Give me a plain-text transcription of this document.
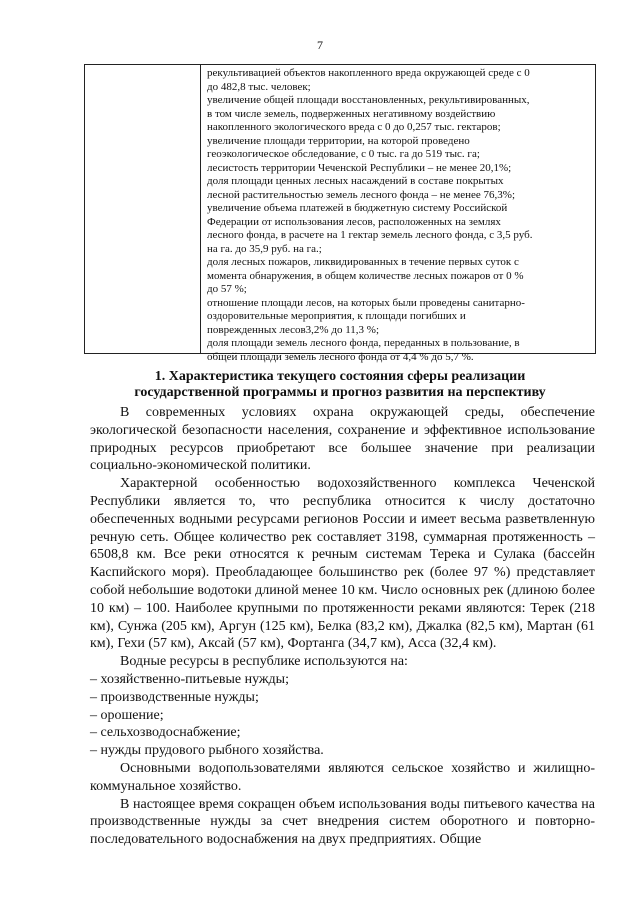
7
рекультивацией объектов накопленного вреда окружающей среде с 0
до 482,8 тыс. человек;
увеличение общей площади восстановленных, рекультивированных,
в том числе земель, подверженных негативному воздействию
накопленного экологического вреда с 0 до 0,257 тыс. гектаров;
увеличение площади территории, на которой проведено
геоэкологическое обследование, с 0 тыс. га до 519 тыс. га;
лесистость территории Чеченской Республики – не менее 20,1%;
доля площади ценных лесных насаждений в составе покрытых
лесной растительностью земель лесного фонда – не менее 76,3%;
увеличение объема платежей в бюджетную систему Российской
Федерации от использования лесов, расположенных на землях
лесного фонда, в расчете на 1 гектар земель лесного фонда, с 3,5 руб.
на га. до 35,9 руб. на га.;
доля лесных пожаров, ликвидированных в течение первых суток с
момента обнаружения, в общем количестве лесных пожаров от 0 %
до 57 %;
отношение площади лесов, на которых были проведены санитарно-
оздоровительные мероприятия, к площади погибших и
поврежденных лесов3,2% до 11,3 %;
доля площади земель лесного фонда, переданных в пользование, в
общей площади земель лесного фонда от 4,4 % до 5,7 %.
1. Характеристика текущего состояния сферы реализации
государственной программы и прогноз развития на перспективу

В современных условиях охрана окружающей среды, обеспечение экологической безопасности населения, сохранение и эффективное использование природных ресурсов приобретают все большее значение при реализации социально-экономической политики.

Характерной особенностью водохозяйственного комплекса Чеченской Республики является то, что республика относится к числу достаточно обеспеченных водными ресурсами регионов России и имеет весьма разветвленную речную сеть. Общее количество рек составляет 3198, суммарная протяженность – 6508,8 км. Все реки относятся к речным системам Терека и Сулака (бассейн Каспийского моря). Преобладающее большинство рек (более 97 %) представляет собой небольшие водотоки длиной менее 10 км. Число основных рек (длиною более 10 км) – 100. Наиболее крупными по протяженности реками являются: Терек (218 км), Сунжа (205 км), Аргун (125 км), Белка (83,2 км), Джалка (82,5 км), Мартан (61 км), Гехи (57 км), Аксай (57 км), Фортанга (34,7 км), Асса (32,4 км).

Водные ресурсы в республике используются на:

– хозяйственно-питьевые нужды;
– производственные нужды;
– орошение;
– сельхозводоснабжение;
– нужды прудового рыбного хозяйства.

Основными водопользователями являются сельское хозяйство и жилищно-коммунальное хозяйство.

В настоящее время сокращен объем использования воды питьевого качества на производственные нужды за счет внедрения систем оборотного и повторно-последовательного водоснабжения на двух предприятиях. Общие
